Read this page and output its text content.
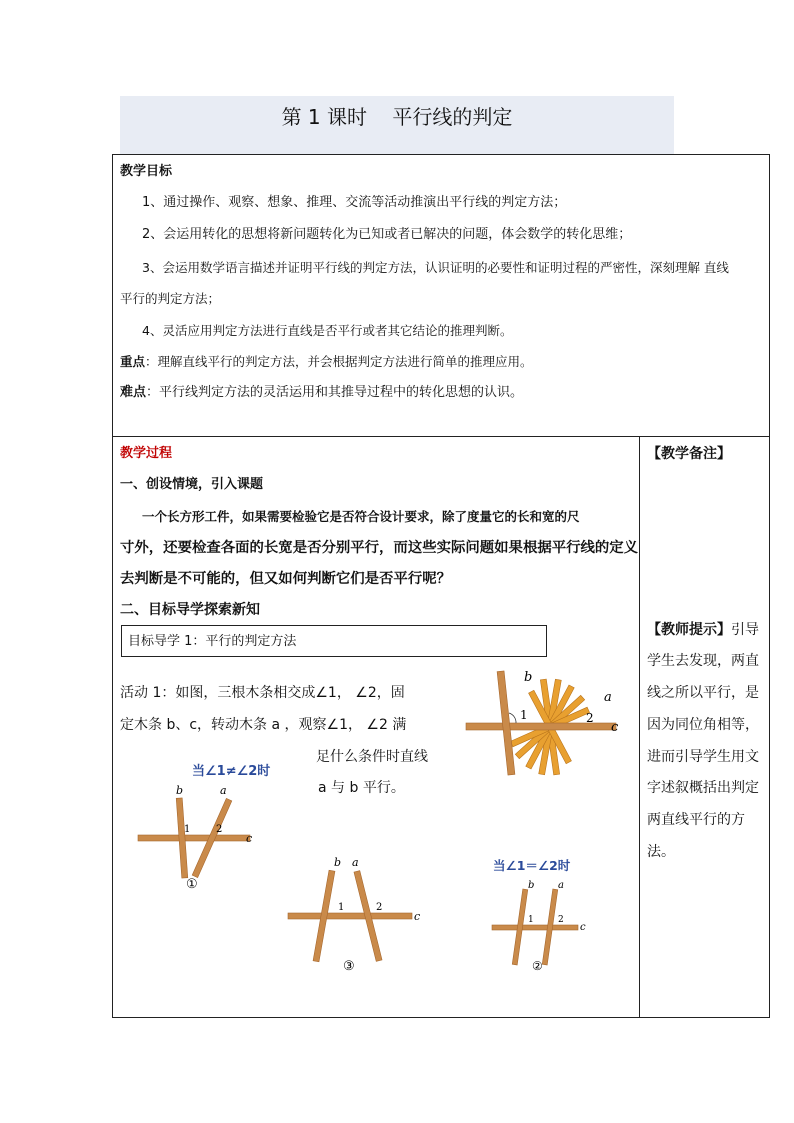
第 1 课时    平行线的判定
教学目标
1、通过操作、观察、想象、推理、交流等活动推演出平行线的判定方法；
2、会运用转化的思想将新问题转化为已知或者已解决的问题，体会数学的转化思维；
3、会运用数学语言描述并证明平行线的判定方法，认识证明的必要性和证明过程的严密性，深刻理解 直线
平行的判定方法；
4、灵活应用判定方法进行直线是否平行或者其它结论的推理判断。
重点：理解直线平行的判定方法，并会根据判定方法进行简单的推理应用。
难点：平行线判定方法的灵活运用和其推导过程中的转化思想的认识。
教学过程
一、创设情境，引入课题
一个长方形工件，如果需要检验它是否符合设计要求，除了度量它的长和宽的尺
寸外，还要检查各面的长宽是否分别平行，而这些实际问题如果根据平行线的定义
去判断是不可能的，但又如何判断它们是否平行呢？
二、目标导学探索新知
目标导学 1：平行的判定方法
活动 1：如图，三根木条相交成∠1， ∠2，固
定木条 b、c，转动木条 a ，观察∠1， ∠2 满
足什么条件时直线
a 与 b 平行。
【教学备注】
【教师提示】引导
学生去发现，两直
线之所以平行，是
因为同位角相等，
进而引导学生用文
字述叙概括出判定
两直线平行的方
法。
b
a
c
1	2
当∠1≠∠2时
b	a
c
1	2
①
b a
c
1	2
③
当∠1＝∠2时
b a
c
1	2
②
